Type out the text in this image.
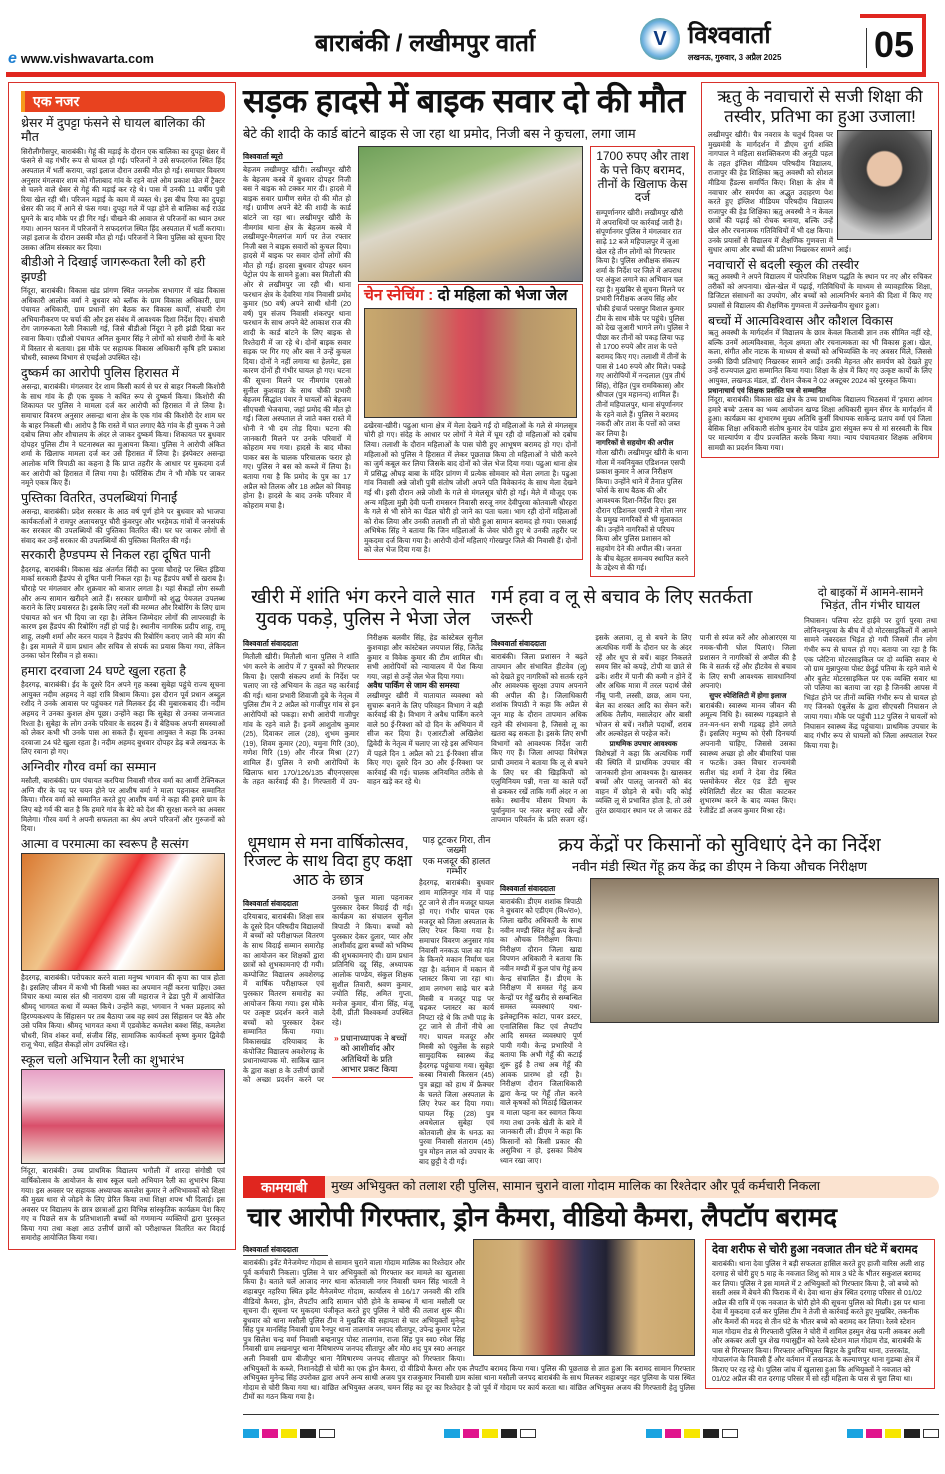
e www.vishwavarta.com
बाराबंकी / लखीमपुर वार्ता	V विश्ववार्ता
लखनऊ, गुरुवार, 3 अप्रैल 2025	05
एक नजर
थ्रेसर में दुपट्टा फंसने से घायल बालिका की मौत
सिरौलीगौसपुर, बाराबंकी। गेहूं की मड़ाई के दौरान एक बालिका का दुपट्टा थ्रेसर में फंसने से वह गंभीर रूप से घायल हो गई। परिजनों ने उसे सफदरगंज स्थित हिंद अस्पताल में भर्ती कराया, जहां इलाज दौरान उसकी मौत हो गई। समाचार विवरण अनुसार मंगलवार शाम को गौलाबाद गांव के रहने वाले ओम प्रकाश खेत में ट्रैक्टर से चलने वाले थ्रेसर से गेहूं की मड़ाई कर रहे थे। पास में उनकी 11 वर्षीय पुत्री रिया खेल रही थी। परिजन मड़ाई के काम में व्यस्त थे। इस बीच रिया का दुपट्टा थ्रेसर की जद में आने से फंस गया। दुपट्टा गले में पड़ा होने से बालिका कई राउंड घूमने के बाद मौके पर ही गिर गई। चीखने की आवाज से परिजनों का ध्यान उधर गया। आनन फानन में परिजनों ने सफदरगंज स्थित हिंद अस्पताल में भर्ती कराया। जहां इलाज के दौरान उसकी मौत हो गई। परिजनों ने बिना पुलिस को सूचना दिए उसका अंतिम संस्कार कर दिया।
बीडीओ ने दिखाई जागरूकता रैली को हरी झण्डी
निंदूरा, बाराबंकी। विकास खंड प्रांगण स्थित जनलोक सभागार में खंड विकास अधिकारी आलोक वर्मा ने बुधवार को ब्लॉक के ग्राम विकास अधिकारी, ग्राम पंचायत अधिकारी, ग्राम प्रधानों संग बैठक कर विकास कार्यों, संचारी रोग अभियानीकरण पर चर्चा की और इस संबंध में आवश्यक दिशा निर्देश दिए। संचारी रोग जागरूकता रैली निकाली गई, जिसे बीडीओ निंदूरा ने हरी झंडी दिखा कर रवाना किया। एडीओ पंचायत अनिल कुमार सिंह ने लोगों को संचारी रोगों के बारे में विस्तार से बताया। इस मौके पर सहायक विकास अधिकारी कृषि हरि प्रकाश चौधरी, स्वास्थ्य विभाग से एचईओ उपस्थित रहे।
दुष्कर्म का आरोपी पुलिस हिरासत में
असन्द्रा, बाराबंकी। मंगलवार देर शाम किसी कार्य से घर से बाहर निकली किशोरी के साथ गांव के ही एक युवक ने कथित रूप से दुष्कर्म किया। किशोरी की शिकायत पर पुलिस ने मामला दर्ज कर आरोपी को हिरासत में ले लिया है। समाचार विवरण अनुसार असन्द्रा थाना क्षेत्र के एक गांव की किशोरी देर शाम घर के बाहर निकली थी। आरोप है कि रास्ते में घात लगाए बैठे गांव के ही युवक ने उसे दबोच लिया और शौचालय के अंदर ले जाकर दुष्कर्म किया। शिकायत पर बुधवार दोपहर पुलिस टीम ने घटनास्थल का मुआयना किया। पुलिस ने आरोपी अंकित शर्मा के खिलाफ मामला दर्ज कर उसे हिरासत में लिया है। इंस्पेक्टर असन्द्रा आलोक मणि त्रिपाठी का कहना है कि प्राप्त तहरीर के आधार पर मुकदमा दर्ज कर आरोपी को हिरासत में लिया गया है। फॉरेंसिक टीम ने भी मौके पर जाकर नमूने एकत्र किए हैं।
पुस्तिका वितरित, उपलब्धियां गिनाईं
असन्द्रा, बाराबंकी। प्रदेश सरकार के आठ वर्ष पूर्ण होने पर बुधवार को भाजपा कार्यकर्ताओं ने रामपुर अलायसपुर चौरी कुंवरपुर और भरहेमऊ गांवों में जनसंपर्क कर सरकार की उपलब्धियों की पुस्तिका वितरित की। घर घर जाकर लोगों से संवाद कर उन्हें सरकार की उपलब्धियों की पुस्तिका वितरित की गई।
सरकारी हैण्डपम्प से निकल रहा दूषित पानी
हैदरगढ़, बाराबंकी। विकास खंड अंतर्गत सिंदी का पुरवा चौराहे पर स्थित इंडिया मार्का सरकारी हैंडपंप से दूषित पानी निकल रहा है। यह हैंडपंप वर्षों से खराब है। चौराहे पर मंगलवार और शुक्रवार को बाजार लगता है। यहां सैकड़ों लोग सब्जी और अन्य सामान खरीदने आते हैं। सरकार ग्रामीणों को शुद्ध पेयजल उपलब्ध कराने के लिए प्रयासरत है। इसके लिए नलों की मरम्मत और रिबोरिंग के लिए ग्राम पंचायत को धन भी दिया जा रहा है। लेकिन जिम्मेदार लोगों की लापरवाही के कारण इस हैंडपंप की रिबोरिंग नहीं हो पाई है। स्थानीय नागरिक प्रदीप शाहू, रामू शाहू, लक्ष्मी शर्मा और करन यादव ने हैंडपंप की रिबोरिंग कराए जाने की मांग की है। इस मामले में ग्राम प्रधान और सचिव से संपर्क का प्रयास किया गया, लेकिन उनका फोन रिसीव न हो सका।
हमारा दरवाजा 24 घण्टे खुला रहता है
हैदरगढ़, बाराबंकी। ईद के दूसरे दिन अपने गृह कस्बा सुबेहा पहुंचे राज्य सूचना आयुक्त नदीम अहमद ने वहां रात्रि विश्राम किया। इस दौरान पूर्व प्रधान अब्दुल रशीद ने उनके आवास पर पहुंचकर गले मिलकर ईद की मुबारकबाद दी। नदीम अहमद ने उनका कुशल क्षेम पूछा। उन्होंने कहा कि सुबेहा से उनका जन्मजात रिश्ता है। सुबेहा के लोग उनके परिवार के सदस्य हैं। वे बेहिचक अपनी समस्याओं को लेकर कभी भी उनके पास आ सकते हैं। सूचना आयुक्त ने कहा कि उनका दरवाजा 24 घंटे खुला रहता है। नदीम अहमद बुधवार दोपहर डेढ़ बजे लखनऊ के लिए रवाना हो गए।
अग्निवीर गौरव वर्मा का सम्मान
मसौली, बाराबंकी। ग्राम पंचायत करपिया निवासी गौरव वर्मा का आर्मी टेक्निकल अग्नि वीर के पद पर चयन होने पर आशीष वर्मा ने माला पहनाकर सम्मानित किया। गौरव वर्मा को सम्मानित करते हुए आशीष वर्मा ने कहा की हमारे ग्राम के लिए बड़े गर्व की बात है कि हमारे गांव के बेटे को देश की सुरक्षा करने का अवसर मिलेगा। गौरव वर्मा ने अपनी सफलता का श्रेय अपने परिजनों और गुरुजनों को दिया।
आत्मा व परमात्मा का स्वरूप है सत्संग
हैदरगढ़, बाराबंकी। परोपकार करने वाला मनुष्य भगवान की कृपा का पात्र होता है। इसलिए जीवन में कभी भी किसी भक्त का अपमान नहीं करना चाहिए। उक्त विचार कथा व्यास संत श्री नारायण दास जी महाराज ने ढेडा पुरी में आयोजित श्रीमद् भागवत कथा में व्यक्त किये। उन्होंने कहा, भगवान ने भक्त प्रहलाद को हिरण्यकश्यप के सिंहासन पर तब बैठाया जब वह स्वयं उस सिंहासन पर बैठे और उसे पवित्र किया। श्रीमद् भागवत कथा में एडवोकेट कमलेश बक्श सिंह, कमलेश चौधरी, शिव शंकर वर्मा, संजीव सिंह, सामाजिक कार्यकर्ता कृष्ण कुमार द्विवेदी राजू भैया, सहित सैकड़ों लोग उपस्थित रहे।
स्कूल चलो अभियान रैली का शुभारंभ
निंदूरा, बाराबंकी। उच्च प्राथमिक विद्यालय भगौली में शारदा संगोष्ठी एवं वार्षिकोत्सव के आयोजन के साथ स्कूल चलो अभियान रैली का शुभारंभ किया गया। इस अवसर पर सहायक अध्यापक कमलेश कुमार ने अभिभावकों को शिक्षा की मुख्य धारा से जोड़ने के लिए प्रेरित किया तथा शिक्षा शपथ भी दिलाई। इस अवसर पर विद्यालय के छात्र छात्राओं द्वारा विभिन्न सांस्कृतिक कार्यक्रम पेश किए गए व पिछले सत्र के प्रतिभाशाली बच्चों को गणमान्य व्यक्तियों द्वारा पुरस्कृत किया गया तथा कक्षा आठ उत्तीर्ण छात्रों को परीक्षाफल वितरित कर विदाई समारोह आयोजित किया गया।
सड़क हादसे में बाइक सवार दो की मौत
बेटे की शादी के कार्ड बांटने बाइक से जा रहा था प्रमोद, निजी बस ने कुचला, लगा जाम
विश्ववार्ता ब्यूरो
बेहजम लखीमपुर खीरी। लखीमपुर खीरी के बेहजम कस्बे में बुधवार दोपहर निजी बस ने बाइक को टक्कर मार दी। हादसे में बाइक सवार ग्रामीण समेत दो की मौत हो गई। ग्रामीण अपने बेटे की शादी के कार्ड बांटने जा रहा था। लखीमपुर खीरी के नीमगांव थाना क्षेत्र के बेहजम कस्बे में लखीमपुर-मैगलगंज मार्ग पर तेज रफ्तार निजी बस ने बाइक सवारों को कुचल दिया। हादसे में बाइक पर सवार दोनों लोगों की मौत हो गई। हादसा बुधवार दोपहर धवन पेट्रोल पंप के सामने हुआ। बस मितौली की ओर से लखीमपुर जा रही थी। थाना फरधान क्षेत्र के देवरिया गांव निवासी प्रमोद कुमार (50 वर्ष) अपने साथी धोनी (20 वर्ष) पुत्र संजय निवासी शंकरपुर थाना फरधान के साथ अपने बेटे आकाश राज की शादी के कार्ड बांटने के लिए बाइक से रिश्तेदारी में जा रहे थे। दोनों बाइक सवार सड़क पर गिर गए और बस ने उन्हें कुचल दिया। दोनों ने नहीं लगाया था हेलमेट, इस कारण दोनों ही गंभीर घायल हो गए। घटना की सूचना मिलने पर नीमगांव एसओ सुनील कुशवाहा के साथ चौकी प्रभारी बेहजम सिद्धांत पंवार ने घायलों को बेहजम सीएचसी भेजवाया, जहां प्रमोद की मौत हो गई। जिला अस्पताल ले जाते वक्त रास्ते में धोनी ने भी दम तोड़ दिया। घटना की जानकारी मिलने पर उनके परिवारों में कोहराम मच गया। हादसे के बाद मौका पाकर बस के चालक परिचालक फरार हो गए। पुलिस ने बस को कब्जे में लिया है। बताया गया है कि प्रमोद के पुत्र का 17 अप्रैल को तिलक और 18 अप्रैल को विवाह होना है। हादसे के बाद उनके परिवार में कोहराम मचा है।
चेन स्नेचिंग : दो महिला को भेजा जेल
ढखेरवा-खीरी। पढुआ थाना क्षेत्र में मेला देखने गईं दो महिलाओं के गले से मंगलसूत्र चोरी हो गए। संदेह के आधार पर लोगों ने मेले में घूम रही दो महिलाओं को दबोच लिया। तलाशी के दौरान महिलाओं के पास चोरी हुए आभूषण बरामद हो गए। दोनों महिलाओं को पुलिस ने हिरासत में लेकर पूछताछ किया तो महिलाओं ने चोरी करने का जुर्म कबूल कर लिया जिसके बाद दोनों को जेल भेज दिया गया। पढुआ थाना क्षेत्र में प्रसिद्ध औघड़ बाबा के मंदिर प्रांगण में प्रत्येक सोमवार को मेला लगता है। पढुआ गांव निवासी अन्ने जोशी पुत्री संतोष जोशी अपने पति विवेकानंद के साथ मेला देखने गई थी। इसी दौरान अन्ने जोशी के गले से मंगलसूत्र चोरी हो गई। मेले में मौजूद एक अन्य महिला मुन्नी देवी पत्नी रामसरन निवासी सरजू नगर देवीपुरवा कोतवाली धौरहरा के गले से भी सोने का पेंडल चोरी हो जाने का पता चला। भाग रही दोनों महिलाओं को रोक लिया और उनकी तलाशी ली तो चोरी हुआ सामान बरामद हो गया। एसआई अभिषेक सिंह ने बताया कि जिन महिलाओं के जेवर चोरी हुए थे उनकी तहरीर पर मुकदमा दर्ज किया गया है। आरोपी दोनों महिलाएं गोरखपुर जिले की निवासी हैं। दोनों को जेल भेज दिया गया है।
1700 रुपए और ताश के पत्ते किए बरामद, तीनों के खिलाफ केस दर्ज
सम्पूर्णानगर खीरी। लखीमपुर खीरी में अपराधियों पर कार्रवाई जारी है। संपूर्णानगर पुलिस ने मंगलवार रात साढ़े 12 बजे महिपालपुर में जुआ खेल रहे तीन लोगों को गिरफ्तार किया है। पुलिस अधीक्षक संकल्प शर्मा के निर्देश पर जिले में अपराध पर अंकुश लगाने का अभियान चल रहा है। मुखबिर से सूचना मिलने पर प्रभारी निरीक्षक अजय सिंह और चौकी इंचार्ज परसपुर विशाल कुमार टीम के साथ मौके पर पहुंचे। पुलिस को देख जुआरी भागने लगे। पुलिस ने पीछा कर तीनों को पकड़ लिया फड़ से 1700 रुपये और ताश के पत्ते बरामद किए गए। तलाशी में तीनों के पास से 140 रुपये और मिले। पकड़े गए आरोपियों में नन्दलाल (पुत्र तीर्थ सिंह), रोहित (पुत्र रामविकास) और श्रीपाल (पुत्र महानन्द) शामिल हैं। तीनों महिपालपुर, थाना संपूर्णानगर के रहने वाले हैं। पुलिस ने बरामद नकदी और ताश के पत्तों को जब्त कर लिया है।
नागरिकों से सहयोग की अपील
गोला खीरी। लखीमपुर खीरी के थाना गोला में नवनियुक्त एडिशनल एसपी प्रकाश कुमार ने आज निरीक्षण किया। उन्होंने थाने में तैनात पुलिस फोर्स के साथ बैठक की और आवश्यक दिशा-निर्देश दिए। इस दौरान एडिशनल एसपी ने गोला नगर के प्रमुख नागरिकों से भी मुलाकात की। उन्होंने नागरिकों से परिचय किया और पुलिस प्रशासन को सहयोग देने की अपील की। जनता के बीच बेहतर समन्वय स्थापित करने के उद्देश्य से की गई।
ऋतु के नवाचारों से सजी शिक्षा की तस्वीर, प्रतिभा का हुआ उजाला!
लखीमपुर खीरी। चैत्र नवरात्र के चतुर्थ दिवस पर मुख्यमंत्री के मार्गदर्शन में डीएम दुर्गा शक्ति नागपाल ने महिला सशक्तिकरण की अनूठी पहल के तहत इंग्लिश मीडियम परिषदीय विद्यालय, राजापुर की हेड शिक्षिका ऋतु अवस्थी को सोशल मीडिया हैंडल्स समर्पित किए। शिक्षा के क्षेत्र में नवाचार और समर्पण का अद्भुत उदाहरण पेश करते हुए इंग्लिश मीडियम परिषदीय विद्यालय राजापुर की हेड शिक्षिका ऋतु अवस्थी ने न केवल छात्रों की पढ़ाई को रोचक बनाया, बल्कि उन्हें खेल और रचनात्मक गतिविधियों में भी दक्ष किया। उनके प्रयासों से विद्यालय में शैक्षणिक गुणवत्ता में सुधार आया और बच्चों की प्रतिभा निखरकर सामने आई।
नवाचारों से बदली स्कूल की तस्वीर
ऋतु अवस्थी ने अपने विद्यालय में पारंपरिक शिक्षण पद्धति के स्थान पर नए और रुचिकर तरीकों को अपनाया। खेल-खेल में पढ़ाई, गतिविधियों के माध्यम से व्यावहारिक शिक्षा, डिजिटल संसाधनों का उपयोग, और बच्चों को आत्मनिर्भर बनाने की दिशा में किए गए प्रयासों से विद्यालय की शैक्षणिक गुणवत्ता में उल्लेखनीय सुधार हुआ।
बच्चों में आत्मविश्वास और कौशल विकास
ऋतु अवस्थी के मार्गदर्शन में विद्यालय के छात्र केवल किताबी ज्ञान तक सीमित नहीं रहे, बल्कि उनमें आत्मविश्वास, नेतृत्व क्षमता और रचनात्मकता का भी विकास हुआ। खेल, कला, संगीत और नाटक के माध्यम से बच्चों को अभिव्यक्ति के नए अवसर मिले, जिससे उनकी छिपी प्रतिभाएं निखरकर सामने आईं। उनकी मेहनत और समर्पण को देखते हुए उन्हें राज्यपाल द्वारा सम्मानित किया गया। शिक्षा के क्षेत्र में किए गए उत्कृष्ट कार्यों के लिए आयुक्त, लखनऊ मंडल, डॉ. रोशन जैकब ने 02 अक्टूबर 2024 को पुरस्कृत किया।
प्रधानाचार्य एवं शिक्षक प्रशस्ति पत्र से सम्मानित
निंदूरा, बाराबंकी। विकास खंड क्षेत्र के उच्च प्राथमिक विद्यालय भिठसवां में 'हमारा आंगन हमारे बच्चे' उत्सव का भव्य आयोजन खण्ड शिक्षा अधिकारी सुमन सेंगर के मार्गदर्शन में हुआ। कार्यक्रम का शुभारम्भ मुख्य अतिथि कुर्सी विधायक साकेन्द्र प्रताप वर्मा एवं जिला बेसिक शिक्षा अधिकारी संतोष कुमार देव पांडेय द्वारा संयुक्त रूप से मां सरस्वती के चित्र पर माल्यार्पण व दीप प्रज्वलित करके किया गया। न्याय पंचायतवार शिक्षक अधिगम सामग्री का प्रदर्शन किया गया।
खीरी में शांति भंग करने वाले सात युवक पकड़े, पुलिस ने भेजा जेल
विश्ववार्ता संवाददाता
मितौली खीरी। मितौली थाना पुलिस ने शांति भंग करने के आरोप में 7 युवकों को गिरफ्तार किया है। एसपी संकल्प शर्मा के निर्देश पर चलाए जा रहे अभियान के तहत यह कार्रवाई की गई। थाना प्रभारी शिवाजी दुबे के नेतृत्व में पुलिस टीम ने 2 अप्रैल को गाजीपुर गांव से इन आरोपियों को पकड़ा। सभी आरोपी गाजीपुर गांव के रहने वाले हैं। इनमें आशुतोष कुमार (25), दिवाकर लाल (28), शुभम कुमार (19), शिवम कुमार (20), यमुना गिरि (30), गणेश गिरि (19) और नीरज मिश्रा (27) शामिल हैं। पुलिस ने सभी आरोपियों के खिलाफ धारा 170/126/135 बीएनएसएस के तहत कार्रवाई की है। गिरफ्तारी में उप-निरीक्षक बलवीर सिंह, हेड कांस्टेबल सुनील कुशवाहा और कांस्टेबल जयपाल सिंह, जितेंद्र कुमार व विवेक कुमार की टीम शामिल थी। सभी आरोपियों को न्यायालय में पेश किया गया, जहां से उन्हें जेल भेज दिया गया।
अवैध पार्किंग से जाम की समस्या
लखीमपुर खीरी में यातायात व्यवस्था को सुचारू बनाने के लिए परिवहन विभाग ने बड़ी कार्रवाई की है। विभाग ने अवैध पार्किंग करने वाले 50 ई-रिक्शा को दो दिन के अभियान में सीज कर दिया है। एआरटीओ अखिलेश द्विवेदी के नेतृत्व में चलाए जा रहे इस अभियान में पहले दिन 1 अप्रैल को 21 ई-रिक्शा सीज किए गए। दूसरे दिन 30 और ई-रिक्शा पर कार्रवाई की गई। चालक अनियमित तरीके से वाहन खड़े कर रहे थे।
गर्म हवा व लू से बचाव के लिए सतर्कता जरूरी
विश्ववार्ता संवाददाता
बाराबंकी। जिला प्रशासन ने बढ़ते तापमान और संभावित हीटवेव (लू) को देखते हुए नागरिकों को सतर्क रहने और आवश्यक सुरक्षा उपाय अपनाने की अपील की है। जिलाधिकारी शशांक त्रिपाठी ने कहा कि अप्रैल से जून माह के दौरान तापमान अधिक रहने की संभावना है, जिससे लू का खतरा बढ़ सकता है। इसके लिए सभी विभागों को आवश्यक निर्देश जारी किए गए हैं। जिला आपदा विशेषज्ञ प्राची उमराव ने बताया कि लू से बचने के लिए घर की खिड़कियों को एलुमिनियम पन्नी, गत्ता या काले पर्दों से ढककर रखें ताकि गर्मी अंदर न आ सके। स्थानीय मौसम विभाग के पूर्वानुमान पर नजर बनाए रखें और तापमान परिवर्तन के प्रति सजग रहें। इसके अलावा, लू से बचने के लिए अत्यधिक गर्मी के दौरान घर के अंदर रहें और धूप से बचें। बाहर निकलते समय सिर को कपड़े, टोपी या छाते से ढकें। शरीर में पानी की कमी न होने दें और अधिक मात्रा में तरल पदार्थ जैसे नींबू पानी, लस्सी, छाछ, आम पना, बेल का शरबत आदि का सेवन करें। अधिक तैलीय, मसालेदार और बासी भोजन से बचें। नशीले पदार्थों, शराब और अल्कोहल से परहेज करें।
प्राथमिक उपचार आवश्यक
विशेषज्ञों ने कहा कि अत्यधिक गर्मी की स्थिति में प्राथमिक उपचार की जानकारी होना आवश्यक है। खासकर बच्चों और पालतू जानवरों को बंद वाहन में छोड़ने से बचें। यदि कोई व्यक्ति लू से प्रभावित होता है, तो उसे तुरंत छायादार स्थान पर ले जाकर ठंडे पानी से स्पंज करें और ओआरएस या नमक-चीनी घोल पिलाएं। जिला प्रशासन ने नागरिकों से अपील की है कि वे सतर्क रहें और हीटवेव से बचाव के लिए सभी आवश्यक सावधानियां अपनाएं।
सुपर स्पेशिलिटी में होगा इलाज
बाराबंकी। स्वास्थ्य मानव जीवन की अमूल्य निधि है। स्वास्थ्य गड़बड़ाने से तन-मन-धन सभी गड़बड़ होने लगते हैं। इसलिए मनुष्य को ऐसी दिनचर्या अपनानी चाहिए, जिससे उसका स्वास्थ्य अच्छा हो और बीमारियां पास न फटकें। उक्त विचार राज्यमंत्री सतीश चंद्र शर्मा ने देवा रोड स्थित फ्लमोकेयर सेंटर एंड डेंटी सुपर स्पेशिलिटी सेंटर का फीता काटकर शुभारम्भ करने के बाद व्यक्त किए। रेजीडेंट डॉ अजय कुमार मिश्रा रहे।
दो बाइकों में आमने-सामने भिड़ंत, तीन गंभीर घायल
निघासन। पलिया स्टेट हाईवे पर दुर्गा पुरवा तथा लोनियनपुरवा के बीच में दो मोटरसाइकिलों में आमने सामने जबरदस्त भिड़ंत हो गयी जिसमें तीन लोग गंभीर रूप से घायल हो गए। बताया जा रहा है कि एक प्लेटिना मोटरसाइकिल पर दो व्यक्ति सवार थे जो ग्राम मुन्नापुरवा पोस्ट छेदुई पतिया के रहने वाले थे और बुलेट मोटरसाइकिल पर एक व्यक्ति सवार था जो पलिया का बताया जा रहा है जिनकी आपस में भिड़ंत होने पर तीनों व्यक्ति गंभीर रूप से घायल हो गए जिनको एंबुलेंस के द्वारा सीएचसी निघासन ले जाया गया। मौके पर पहुंची 112 पुलिस ने घायलों को निघासन स्वास्थ्य केंद्र पहुंचाया। प्राथमिक उपचार के बाद गंभीर रूप से घायलों को जिला अस्पताल रेफर किया गया है।
धूमधाम से मना वार्षिकोत्सव, रिजल्ट के साथ विदा हुए कक्षा आठ के छात्र
विश्ववार्ता संवाददाता
दरियाबाद, बाराबंकी। शिक्षा सत्र के दूसरे दिन परिषदीय विद्यालयों में बच्चों को परीक्षाफल वितरण के साथ विदाई सम्मान समारोह का आयोजन कर शिक्षकों द्वारा छात्रों को शुभकामनाएं दी गयी। कम्पोजिट विद्यालय अवशेरगढ़ में वार्षिक परीक्षाफल एवं पुरस्कार वितरण समारोह का आयोजन किया गया। इस मौके पर उत्कृष्ट प्रदर्शन करने वाले बच्चों को पुरस्कार देकर सम्मानित किया गया। विकासखंड दरियाबाद के कंपोजिट विद्यालय अवशेरगढ़ के प्रधानाध्यापक मो. साकिब खान के द्वारा कक्षा 8 के उत्तीर्ण छात्रों को अच्छा प्रदर्शन करने पर उनको फूल माला पहनाकर पुरस्कार देकर विदाई दी गई। कार्यक्रम का संचालन सुनील त्रिपाठी ने किया। बच्चों को पुरस्कार देकर दुलार, प्यार और आशीर्वाद द्वारा बच्चों को भविष्य की शुभकामनाएं दी। ग्राम प्रधान प्रतिनिधि दद्दू सिंह, अध्यापक आलोक पाण्डेय, संकुल शिक्षक सुशील तिवारी, श्रवण कुमार, ज्योति सिंह, अमित गुप्ता, मनोज कुमार, वीना सिंह, मंजू देवी, प्रीती विश्वकर्मा उपस्थित रहे।
» प्रधानाध्यापक ने बच्चों को आशीर्वाद और अतिथियों के प्रति आभार प्रकट किया
पाड़ टूटकर गिरा, तीन जख्मी
एक मजदूर की हालत गम्भीर
हैदरगढ़, बाराबंकी। बुधवार शाम मालिनपुर गांव में पाड़ टूट जाने से तीन मजदूर घायल हो गए। गंभीर घायल एक मजदूर को जिला अस्पताल के लिए रेफर किया गया है। समाचार विवरण अनुसार गांव निवासी ननकऊ पाल का गांव के किनारे मकान निर्माण चल रहा है। वर्तमान में मकान में प्लास्टर किया जा रहा था। शाम लगभग साढ़े चार बजे मिस्त्री व मजदूर पाड़ पर चढ़कर प्लास्टर का कार्य निपटा रहे थे कि तभी पाड़ के टूट जाने से तीनों नीचे आ गए। घायल मजदूर और मिस्त्री को एंबुलेंस के सहारे सामुदायिक स्वास्थ्य केंद्र हैदरगढ़ पहुंचाया गया। सुबेहा कस्बा निवासी किरसन (45) पुत्र ब्रह्मा को हाथ में फ्रैक्चर के चलते जिला अस्पताल के लिए रेफर कर दिया गया। घायल रिंकू (28) पुत्र अवधेलाल सुबेहा एवं कोतवाली क्षेत्र के धनऊ का पुरवा निवासी संताराम (45) पुत्र मोहन लाल को उपचार के बाद छुट्टी दे दी गई।
क्रय केंद्रों पर किसानों को सुविधाएं देने का निर्देश
नवीन मंडी स्थित गेंहू क्रय केंद्र का डीएम ने किया औचक निरीक्षण
विश्ववार्ता संवाददाता
बाराबंकी। डीएम शशांक त्रिपाठी ने बुधवार को एडीएम (वि०/रा०), जिला खरीद अधिकारी के साथ नवीन मण्डी स्थित गेहूँ क्रय केन्द्रों का औचक निरीक्षण किया। निरीक्षण दौरान जिला खाद्य विपणन अधिकारी ने बताया कि नवीन मण्डी में कुल पांच गेहूं क्रय केन्द्र संचालित हैं। डीएम के निरीक्षण में समस्त गेहूं क्रय केन्द्रों पर गेहूँ खरीद से सम्बन्धित समस्त व्यवस्थाएं यथा- इलेक्ट्रानिक कांटा, पावर डस्टर, एनालिसिस किट एवं लैपटॉप आदि समस्त व्यवस्थाएं पूर्ण पायी गयी। केन्द्र प्रभारियों ने बताया कि अभी गेहूँ की कटाई शुरू हुई है तथा अब गेहूँ की आवक प्रारम्भ हो रही है। निरीक्षण दौरान जिलाधिकारी द्वारा केन्द्र पर गेहूँ तौल करने वाले कृषकों को मिठाई खिलाकर व माला पहना कर स्वागत किया गया तथा उनके खेती के बारे में जानकारी ली। डीएम ने कहा कि किसानों को किसी प्रकार की असुविधा न हो, इसका विशेष ध्यान रखा जाए।
कामयाबी	मुख्य अभियुक्त को तलाश रही पुलिस, सामान चुराने वाला गोदाम मालिक का रिश्तेदार और पूर्व कर्मचारी निकला
चार आरोपी गिरफ्तार, ड्रोन कैमरा, वीडियो कैमरा, लैपटॉप बरामद
विश्ववार्ता संवाददाता
बाराबंकी। इवेंट मैनेजमेण्ट गोदाम से सामान चुराने वाला गोदाम मालिक का रिश्तेदार और पूर्व कर्मचारी निकला। पुलिस ने चार अभियुक्तों को गिरफ्तार कर मामले का खुलासा किया है। बताते चलें आजाद नगर थाना कोतवाली नगर निवासी चमन सिंह भारती ने शहाबपुर नहरिया स्थित इवेंट मैनेजमेण्ट गोदाम, कार्यालय से 16/17 जनवरी की रात्रि वीडियो कैमरा, ड्रोन, लैपटॉप आदि सामान चोरी होने के सम्बन्ध में थाना मसौली पर सूचना दी। सूचना पर मुकदमा पंजीकृत करते हुए पुलिस ने चोरी की तलाश शुरू की। बुधवार को थाना मसौली पुलिस टीम ने मुखबिर की सहायता से चार अभियुक्तों मुनेन्द्र सिंह पुत्र मानसिंह निवासी ग्राम रैनपुर थाना तालगांव जनपद सीतापुर, उपेन्द्र कुमार पटेल पुत्र सिलेश चन्द्र वर्मा निवासी बम्हनापुर पोस्ट तालगांव, राजा सिंह पुत्र स्व0 रमेश सिंह निवासी ग्राम लखनापुर थाना नैमिषारण्य जनपद सीतापुर और मो0 शद पुत्र स्व0 अनाहर अली निवासी ग्राम बीजीपुर थाना नैमिषारण्य जनपद सीतापुर को गिरफ्तार किया। अभियुक्तों के कब्जे, निशानदेही से चोरी का एक ड्रोन कैमरा, दो वीडियो कैमरा और एक लैपटॉप बरामद किया गया। पुलिस की पूछताछ से ज्ञात हुआ कि बरामद सामान गिरफ्तार अभियुक्त मुनेन्द्र सिंह उपरोक्त द्वारा अपने अन्य साथी अजय पुत्र राजकुमार निवासी ग्राम कांसा थाना मसौली जनपद बाराबंकी के साथ मिलकर शहाबपुर नहर पुलिया के पास स्थित गोदाम से चोरी किया गया था। वांछित अभियुक्त अजय, चमन सिंह का दूर का रिश्तेदार है जो पूर्व में गोदाम पर कार्य करता था। वांछित अभियुक्त अजय की गिरफ्तारी हेतु पुलिस टीमों का गठन किया गया है।
देवा शरीफ से चोरी हुआ नवजात तीन घंटे में बरामद
बाराबंकी। थाना देवा पुलिस ने बड़ी सफलता हासिल करते हुए हाजी वारिस अली शाह दरगाह से चोरी हुए 5 माह के नवजात शिशु को मात्र 3 घंटे के भीतर सकुशल बरामद कर लिया। पुलिस ने इस मामले में 2 अभियुक्तों को गिरफ्तार किया है, जो बच्चे को सस्ती अस्त्र में बेचने की फिराक में थे। देवा थाना क्षेत्र स्थित दरगाह परिसर से 01/02 अप्रैल की रात्रि में एक नवजात के चोरी होने की सूचना पुलिस को मिली। इस पर थाना देवा में मुकदमा दर्ज कर पुलिस टीम ने तेजी से कार्रवाई करते हुए मुखबिर, तकनीक और कैमरों की मदद से तीन घंटे के भीतर बच्चे को बरामद कर लिया। रेलवे स्टेशन माल गोदाम रोड से गिरफ्तारी पुलिस ने चोरी में शामिल हस्मुन शेख पत्नी अकबर अली और अकबर अली पुत्र शेख गयासुद्दीन को रेलवे स्टेशन माल गोदाम रोड, बाराबंकी के पास से गिरफ्तार किया। गिरफ्तार अभियुक्त बिहार के डुमरिया थाना, उत्तरकांड, गोपालगंज के निवासी हैं और वर्तमान में लखनऊ के कल्याणपुर थाना गुडम्बा क्षेत्र में किराए पर रह रहे थे। पुलिस जांच में खुलासा हुआ कि अभियुक्तों ने नवजात को 01/02 अप्रैल की रात दरगाह परिसर में सो रही महिला के पास से चुरा लिया था।
